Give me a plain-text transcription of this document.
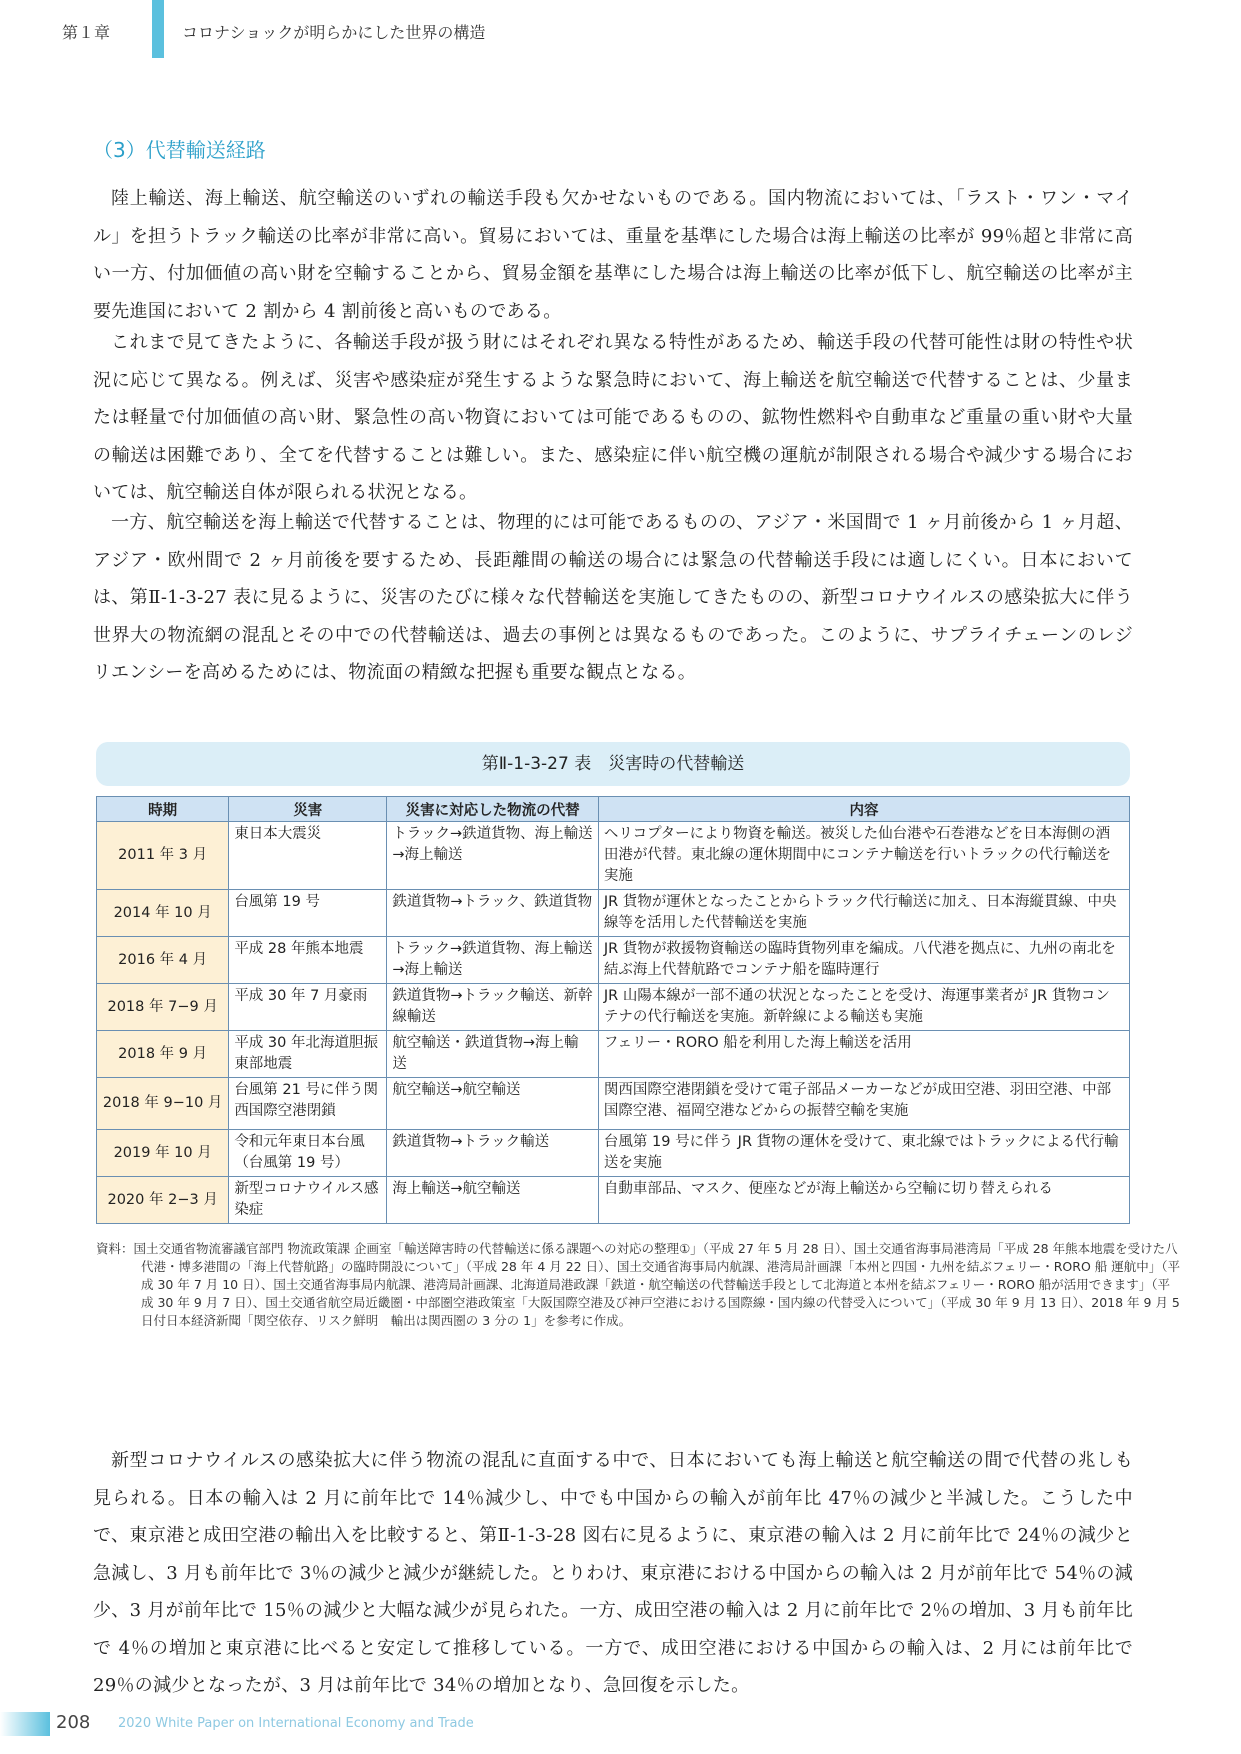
第１章	コロナショックが明らかにした世界の構造
（3）代替輸送経路

陸上輸送、海上輸送、航空輸送のいずれの輸送手段も欠かせないものである。国内物流においては、「ラスト・ワン・マイル」を担うトラック輸送の比率が非常に高い。貿易においては、重量を基準にした場合は海上輸送の比率が 99％超と非常に高い一方、付加価値の高い財を空輸することから、貿易金額を基準にした場合は海上輸送の比率が低下し、航空輸送の比率が主要先進国において 2 割から 4 割前後と高いものである。

これまで見てきたように、各輸送手段が扱う財にはそれぞれ異なる特性があるため、輸送手段の代替可能性は財の特性や状況に応じて異なる。例えば、災害や感染症が発生するような緊急時において、海上輸送を航空輸送で代替することは、少量または軽量で付加価値の高い財、緊急性の高い物資においては可能であるものの、鉱物性燃料や自動車など重量の重い財や大量の輸送は困難であり、全てを代替することは難しい。また、感染症に伴い航空機の運航が制限される場合や減少する場合においては、航空輸送自体が限られる状況となる。

一方、航空輸送を海上輸送で代替することは、物理的には可能であるものの、アジア・米国間で 1 ヶ月前後から 1 ヶ月超、アジア・欧州間で 2 ヶ月前後を要するため、長距離間の輸送の場合には緊急の代替輸送手段には適しにくい。日本においては、第Ⅱ-1-3-27 表に見るように、災害のたびに様々な代替輸送を実施してきたものの、新型コロナウイルスの感染拡大に伴う世界大の物流網の混乱とその中での代替輸送は、過去の事例とは異なるものであった。このように、サプライチェーンのレジリエンシーを高めるためには、物流面の精緻な把握も重要な観点となる。

第Ⅱ-1-3-27 表　災害時の代替輸送
時期	災害	災害に対応した物流の代替	内容
2011 年 3 月	東日本大震災	トラック→鉄道貨物、海上輸送→海上輸送	ヘリコプターにより物資を輸送。被災した仙台港や石巻港などを日本海側の酒田港が代替。東北線の運休期間中にコンテナ輸送を行いトラックの代行輸送を実施
2014 年 10 月	台風第 19 号	鉄道貨物→トラック、鉄道貨物	JR 貨物が運休となったことからトラック代行輸送に加え、日本海縦貫線、中央線等を活用した代替輸送を実施
2016 年 4 月	平成 28 年熊本地震	トラック→鉄道貨物、海上輸送→海上輸送	JR 貨物が救援物資輸送の臨時貨物列車を編成。八代港を拠点に、九州の南北を結ぶ海上代替航路でコンテナ船を臨時運行
2018 年 7−9 月	平成 30 年 7 月豪雨	鉄道貨物→トラック輸送、新幹線輸送	JR 山陽本線が一部不通の状況となったことを受け、海運事業者が JR 貨物コンテナの代行輸送を実施。新幹線による輸送も実施
2018 年 9 月	平成 30 年北海道胆振東部地震	航空輸送・鉄道貨物→海上輸送	フェリー・RORO 船を利用した海上輸送を活用
2018 年 9−10 月	台風第 21 号に伴う関西国際空港閉鎖	航空輸送→航空輸送	関西国際空港閉鎖を受けて電子部品メーカーなどが成田空港、羽田空港、中部国際空港、福岡空港などからの振替空輸を実施
2019 年 10 月	令和元年東日本台風（台風第 19 号）	鉄道貨物→トラック輸送	台風第 19 号に伴う JR 貨物の運休を受けて、東北線ではトラックによる代行輸送を実施
2020 年 2−3 月	新型コロナウイルス感染症	海上輸送→航空輸送	自動車部品、マスク、便座などが海上輸送から空輸に切り替えられる
資料：国土交通省物流審議官部門 物流政策課 企画室「輸送障害時の代替輸送に係る課題への対応の整理①」（平成 27 年 5 月 28 日）、国土交通省海事局港湾局「平成 28 年熊本地震を受けた八代港・博多港間の「海上代替航路」の臨時開設について」（平成 28 年 4 月 22 日）、国土交通省海事局内航課、港湾局計画課「本州と四国・九州を結ぶフェリー・RORO 船 運航中」（平成 30 年 7 月 10 日）、国土交通省海事局内航課、港湾局計画課、北海道局港政課「鉄道・航空輸送の代替輸送手段として北海道と本州を結ぶフェリー・RORO 船が活用できます」（平成 30 年 9 月 7 日）、国土交通省航空局近畿圏・中部圏空港政策室「大阪国際空港及び神戸空港における国際線・国内線の代替受入について」（平成 30 年 9 月 13 日）、2018 年 9 月 5 日付日本経済新聞「関空依存、リスク鮮明　輸出は関西圏の 3 分の 1」を参考に作成。

新型コロナウイルスの感染拡大に伴う物流の混乱に直面する中で、日本においても海上輸送と航空輸送の間で代替の兆しも見られる。日本の輸入は 2 月に前年比で 14％減少し、中でも中国からの輸入が前年比 47％の減少と半減した。こうした中で、東京港と成田空港の輸出入を比較すると、第Ⅱ-1-3-28 図右に見るように、東京港の輸入は 2 月に前年比で 24％の減少と急減し、3 月も前年比で 3％の減少と減少が継続した。とりわけ、東京港における中国からの輸入は 2 月が前年比で 54％の減少、3 月が前年比で 15％の減少と大幅な減少が見られた。一方、成田空港の輸入は 2 月に前年比で 2％の増加、3 月も前年比で 4％の増加と東京港に比べると安定して推移している。一方で、成田空港における中国からの輸入は、2 月には前年比で 29％の減少となったが、3 月は前年比で 34％の増加となり、急回復を示した。

208 2020 White Paper on International Economy and Trade
